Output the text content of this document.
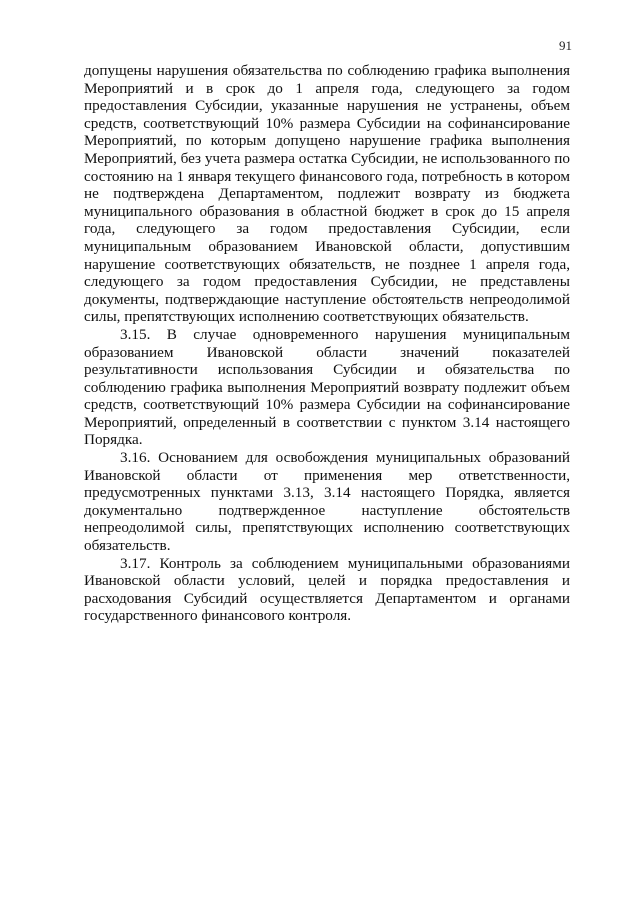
91

допущены нарушения обязательства по соблюдению графика выполнения Мероприятий и в срок до 1 апреля года, следующего за годом предоставления Субсидии, указанные нарушения не устранены, объем средств, соответствующий 10% размера Субсидии на софинансирование Мероприятий, по которым допущено нарушение графика выполнения Мероприятий, без учета размера остатка Субсидии, не использованного по состоянию на 1 января текущего финансового года, потребность в котором не подтверждена Департаментом, подлежит возврату из бюджета муниципального образования в областной бюджет в срок до 15 апреля года, следующего за годом предоставления Субсидии, если муниципальным образованием Ивановской области, допустившим нарушение соответствующих обязательств, не позднее 1 апреля года, следующего за годом предоставления Субсидии, не представлены документы, подтверждающие наступление обстоятельств непреодолимой силы, препятствующих исполнению соответствующих обязательств.

3.15. В случае одновременного нарушения муниципальным образованием Ивановской области значений показателей результативности использования Субсидии и обязательства по соблюдению графика выполнения Мероприятий возврату подлежит объем средств, соответствующий 10% размера Субсидии на софинансирование Мероприятий, определенный в соответствии с пунктом 3.14 настоящего Порядка.

3.16. Основанием для освобождения муниципальных образований Ивановской области от применения мер ответственности, предусмотренных пунктами 3.13, 3.14 настоящего Порядка, является документально подтвержденное наступление обстоятельств непреодолимой силы, препятствующих исполнению соответствующих обязательств.

3.17. Контроль за соблюдением муниципальными образованиями Ивановской области условий, целей и порядка предоставления и расходования Субсидий осуществляется Департаментом и органами государственного финансового контроля.
